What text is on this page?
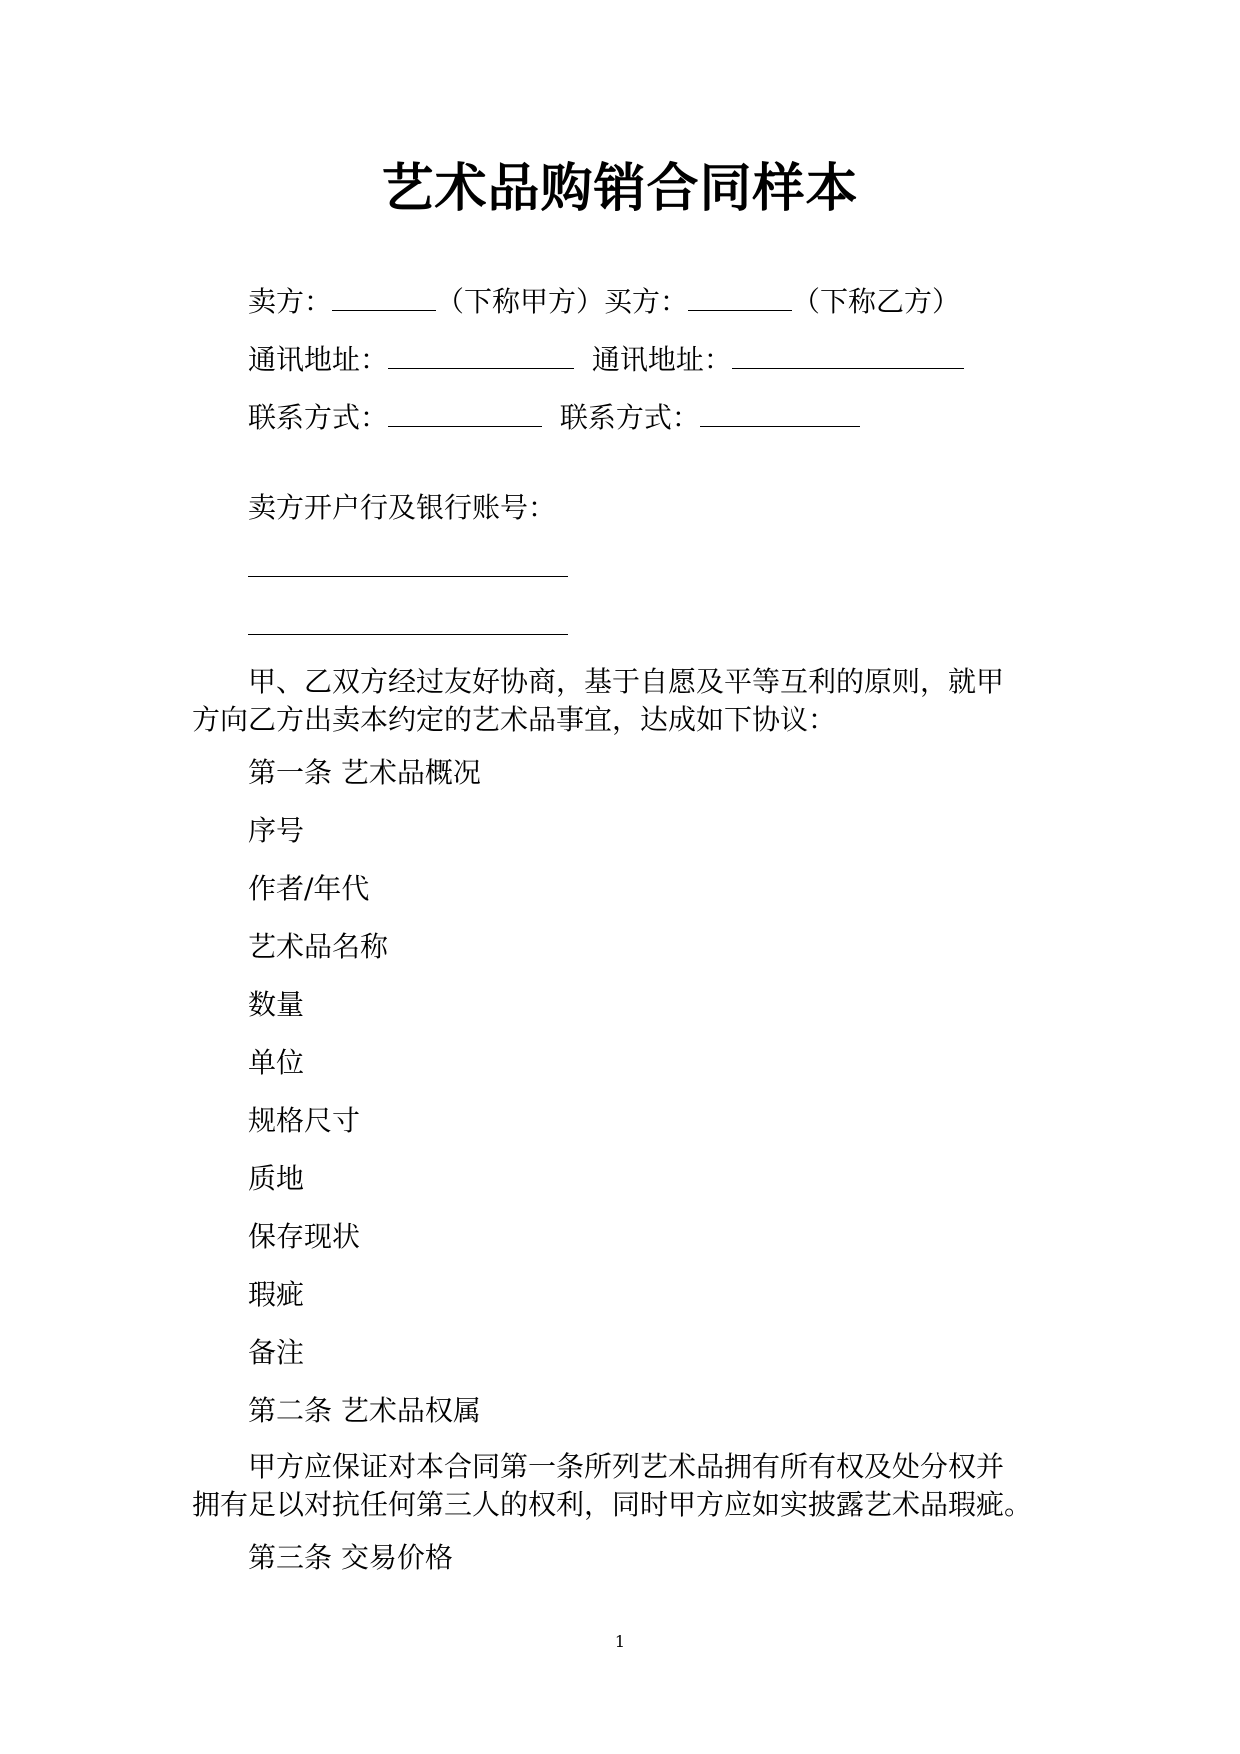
艺术品购销合同样本
卖方：	（下称甲方）买方：	（下称乙方）
通讯地址：	通讯地址：
联系方式：	联系方式：
卖方开户行及银行账号：
甲、乙双方经过友好协商，基于自愿及平等互利的原则，就甲
方向乙方出卖本约定的艺术品事宜，达成如下协议：
第一条 艺术品概况
序号
作者/年代
艺术品名称
数量
单位
规格尺寸
质地
保存现状
瑕疵
备注
第二条 艺术品权属
甲方应保证对本合同第一条所列艺术品拥有所有权及处分权并
拥有足以对抗任何第三人的权利，同时甲方应如实披露艺术品瑕疵。
第三条 交易价格
1
